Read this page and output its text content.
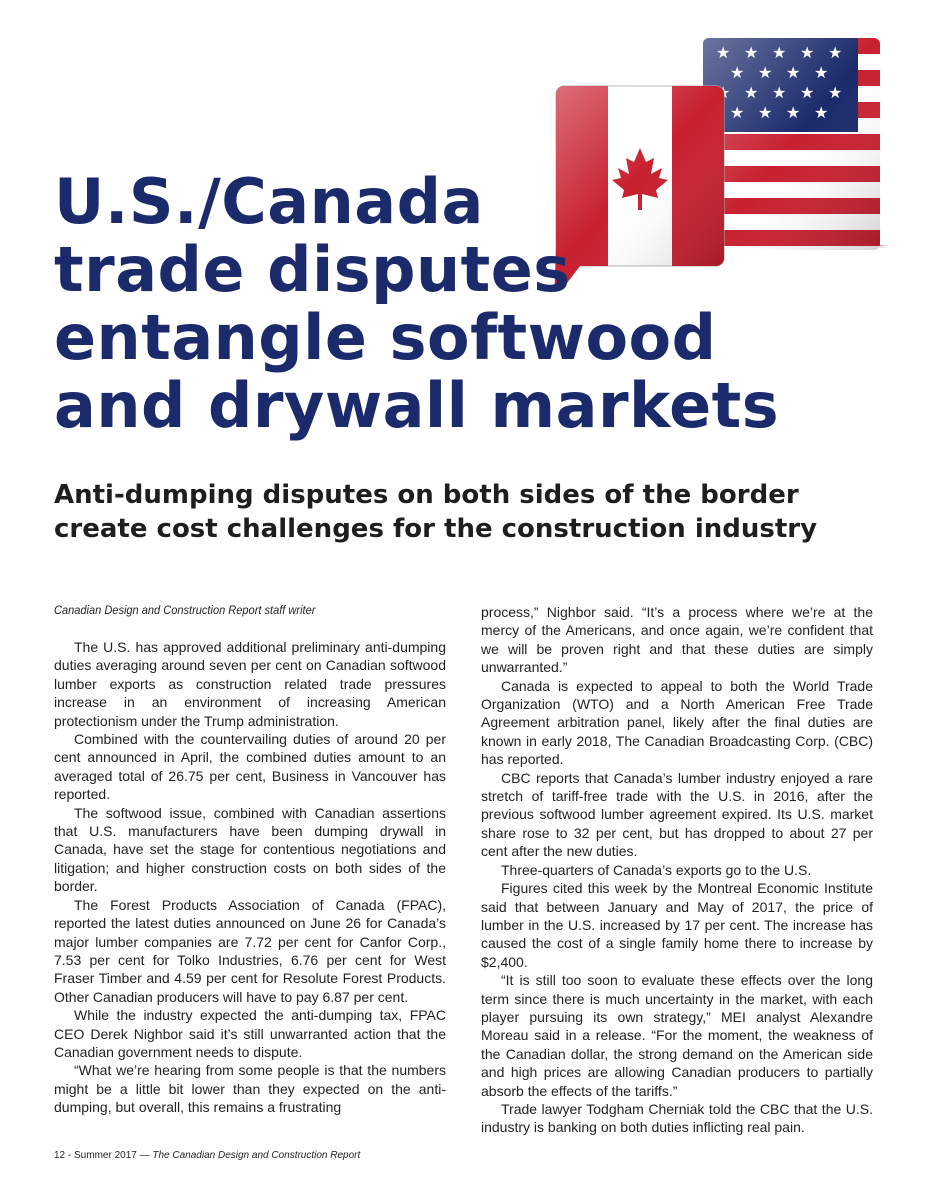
U.S./Canada
trade disputes
entangle softwood
and drywall markets
Anti-dumping disputes on both sides of the border
create cost challenges for the construction industry

Canadian Design and Construction Report staff writer

The U.S. has approved additional preliminary anti-dumping duties averaging around seven per cent on Canadian softwood lumber exports as construction related trade pressures increase in an environment of increasing American protectionism under the Trump administration.

Combined with the countervailing duties of around 20 per cent announced in April, the combined duties amount to an averaged total of 26.75 per cent, Business in Vancouver has reported.

The softwood issue, combined with Canadian assertions that U.S. manufacturers have been dumping drywall in Canada, have set the stage for contentious negotiations and litigation; and higher construction costs on both sides of the border.

The Forest Products Association of Canada (FPAC), reported the latest duties announced on June 26 for Canada’s major lumber companies are 7.72 per cent for Canfor Corp., 7.53 per cent for Tolko Industries, 6.76 per cent for West Fraser Timber and 4.59 per cent for Resolute Forest Products. Other Canadian producers will have to pay 6.87 per cent.

While the industry expected the anti-dumping tax, FPAC CEO Derek Nighbor said it’s still unwarranted action that the Canadian government needs to dispute.

“What we’re hearing from some people is that the numbers might be a little bit lower than they expected on the anti-dumping, but overall, this remains a frustrating

process,” Nighbor said. “It’s a process where we’re at the mercy of the Americans, and once again, we’re confident that we will be proven right and that these duties are simply unwarranted.”

Canada is expected to appeal to both the World Trade Organization (WTO) and a North American Free Trade Agreement arbitration panel, likely after the final duties are known in early 2018, The Canadian Broadcasting Corp. (CBC) has reported.

CBC reports that Canada’s lumber industry enjoyed a rare stretch of tariff-free trade with the U.S. in 2016, after the previous softwood lumber agreement expired. Its U.S. market share rose to 32 per cent, but has dropped to about 27 per cent after the new duties.

Three-quarters of Canada’s exports go to the U.S.

Figures cited this week by the Montreal Economic Institute said that between January and May of 2017, the price of lumber in the U.S. increased by 17 per cent. The increase has caused the cost of a single family home there to increase by $2,400.

“It is still too soon to evaluate these effects over the long term since there is much uncertainty in the market, with each player pursuing its own strategy,” MEI analyst Alexandre Moreau said in a release. “For the moment, the weakness of the Canadian dollar, the strong demand on the American side and high prices are allowing Canadian producers to partially absorb the effects of the tariffs.”

Trade lawyer Todgham Cherniak told the CBC that the U.S. industry is banking on both duties inflicting real pain.

12 - Summer 2017 — The Canadian Design and Construction Report
